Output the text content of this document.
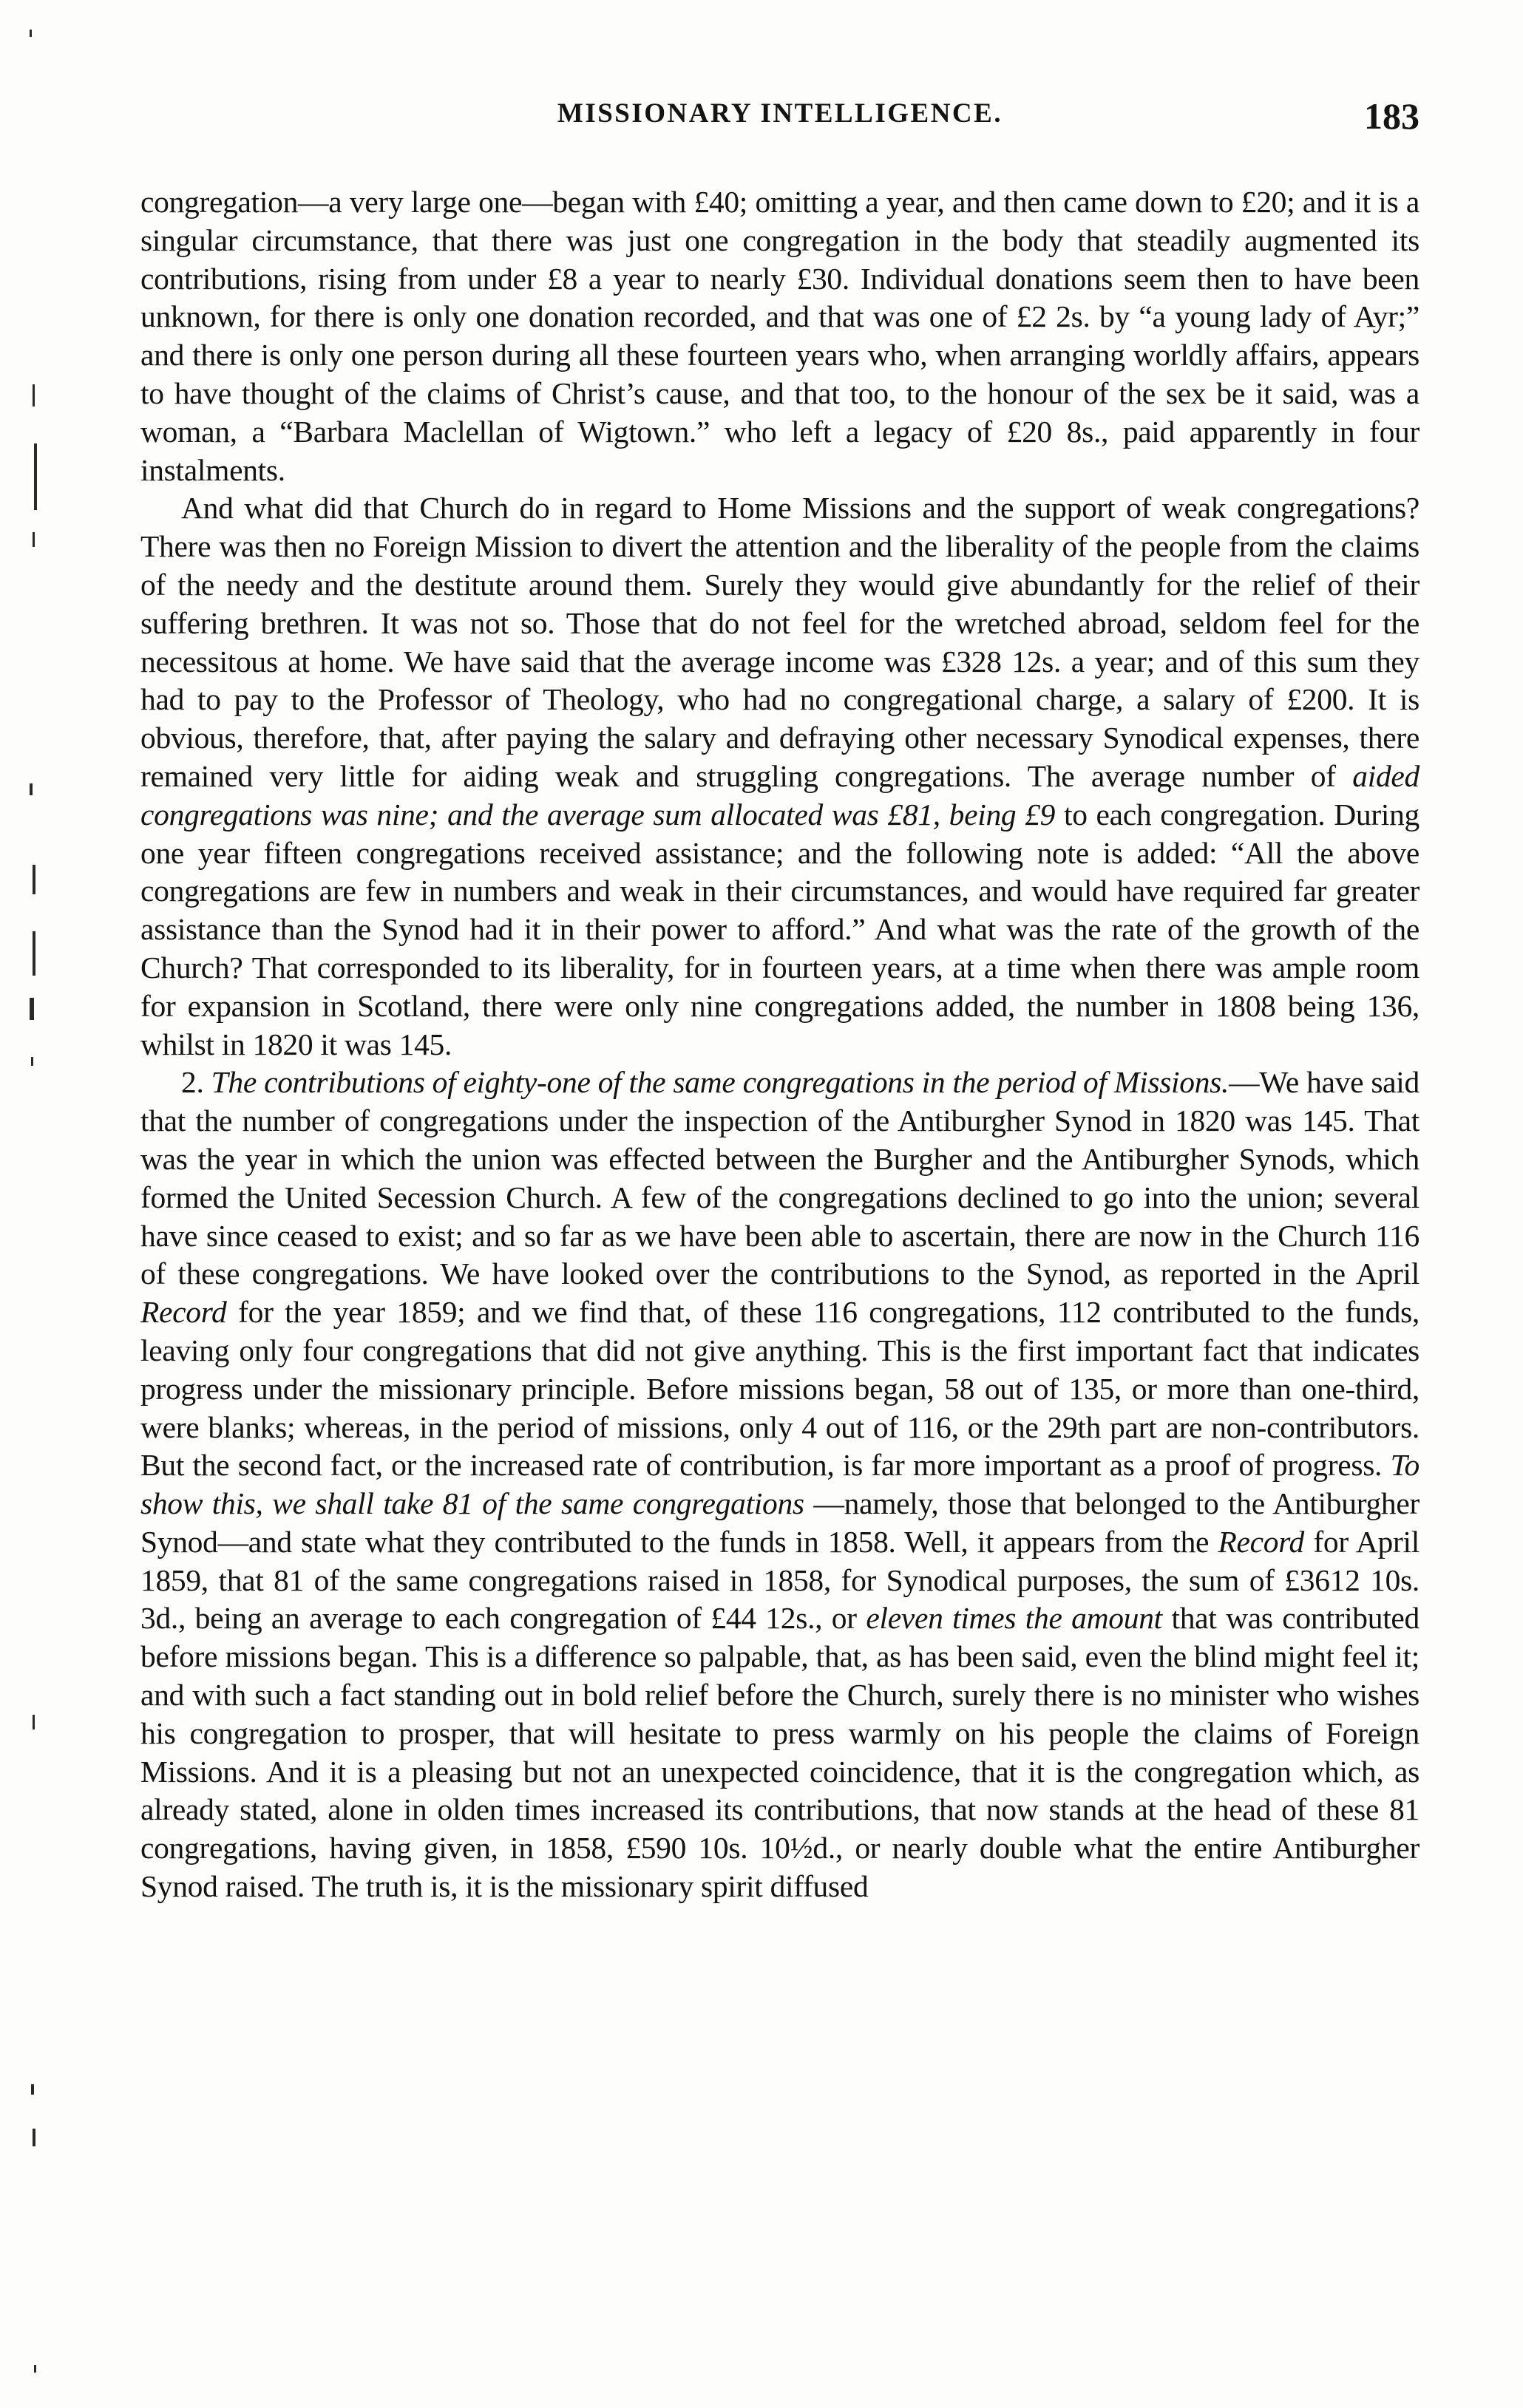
MISSIONARY INTELLIGENCE.	183

congregation—a very large one—began with £40; omitting a year, and then came down to £20; and it is a singular circumstance, that there was just one congregation in the body that steadily augmented its contributions, rising from under £8 a year to nearly £30. Individual donations seem then to have been unknown, for there is only one donation recorded, and that was one of £2 2s. by “a young lady of Ayr;” and there is only one person during all these fourteen years who, when arranging worldly affairs, appears to have thought of the claims of Christ’s cause, and that too, to the honour of the sex be it said, was a woman, a “Barbara Maclellan of Wigtown.” who left a legacy of £20 8s., paid apparently in four instalments.

And what did that Church do in regard to Home Missions and the support of weak congregations? There was then no Foreign Mission to divert the attention and the liberality of the people from the claims of the needy and the destitute around them. Surely they would give abundantly for the relief of their suffering brethren. It was not so. Those that do not feel for the wretched abroad, seldom feel for the necessitous at home. We have said that the average income was £328 12s. a year; and of this sum they had to pay to the Professor of Theology, who had no congregational charge, a salary of £200. It is obvious, therefore, that, after paying the salary and defraying other necessary Synodical expenses, there remained very little for aiding weak and struggling congregations. The average number of aided congregations was nine; and the average sum allocated was £81, being £9 to each congregation. During one year fifteen congregations received assistance; and the following note is added: “All the above congregations are few in numbers and weak in their circumstances, and would have required far greater assistance than the Synod had it in their power to afford.” And what was the rate of the growth of the Church? That corresponded to its liberality, for in fourteen years, at a time when there was ample room for expansion in Scotland, there were only nine congregations added, the number in 1808 being 136, whilst in 1820 it was 145.

2. The contributions of eighty-one of the same congregations in the period of Missions.—We have said that the number of congregations under the inspection of the Antiburgher Synod in 1820 was 145. That was the year in which the union was effected between the Burgher and the Antiburgher Synods, which formed the United Secession Church. A few of the congregations declined to go into the union; several have since ceased to exist; and so far as we have been able to ascertain, there are now in the Church 116 of these congregations. We have looked over the contributions to the Synod, as reported in the April Record for the year 1859; and we find that, of these 116 congregations, 112 contributed to the funds, leaving only four congregations that did not give anything. This is the first important fact that indicates progress under the missionary principle. Before missions began, 58 out of 135, or more than one-third, were blanks; whereas, in the period of missions, only 4 out of 116, or the 29th part are non-contributors. But the second fact, or the increased rate of contribution, is far more important as a proof of progress. To show this, we shall take 81 of the same congregations —namely, those that belonged to the Antiburgher Synod—and state what they contributed to the funds in 1858. Well, it appears from the Record for April 1859, that 81 of the same congregations raised in 1858, for Synodical purposes, the sum of £3612 10s. 3d., being an average to each congregation of £44 12s., or eleven times the amount that was contributed before missions began. This is a difference so palpable, that, as has been said, even the blind might feel it; and with such a fact standing out in bold relief before the Church, surely there is no minister who wishes his congregation to prosper, that will hesitate to press warmly on his people the claims of Foreign Missions. And it is a pleasing but not an unexpected coincidence, that it is the congregation which, as already stated, alone in olden times increased its contributions, that now stands at the head of these 81 congregations, having given, in 1858, £590 10s. 10½d., or nearly double what the entire Antiburgher Synod raised. The truth is, it is the missionary spirit diffused
